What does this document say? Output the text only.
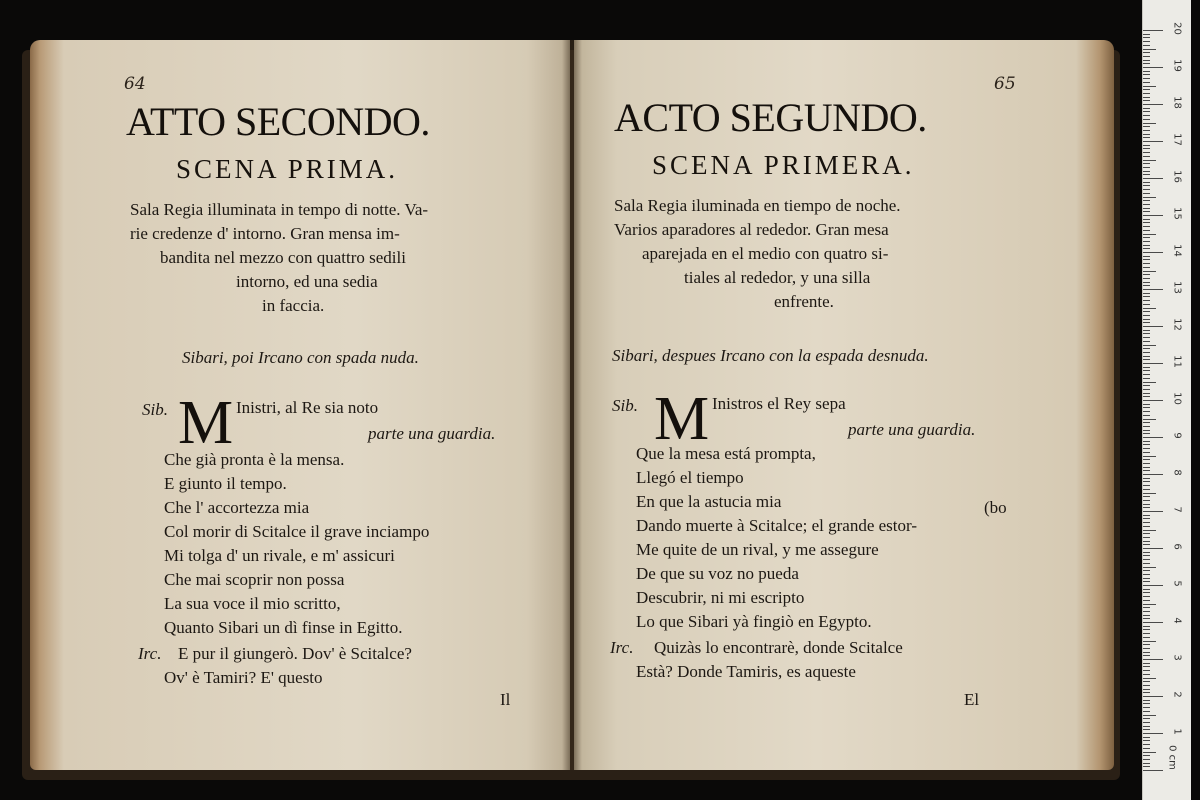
64
ATTO SECONDO.
SCENA PRIMA.
Sala Regia illuminata in tempo di notte. Va-
rie credenze d' intorno. Gran mensa im-
bandita nel mezzo con quattro sedili
intorno, ed una sedia
in faccia.
Sibari, poi Ircano con spada nuda.
Sib. M Inistri, al Re sia noto
parte una guardia.
Che già pronta è la mensa.
E giunto il tempo.
Che l' accortezza mia
Col morir di Scitalce il grave inciampo
Mi tolga d' un rivale, e m' assicuri
Che mai scoprir non possa
La sua voce il mio scritto,
Quanto Sibari un dì finse in Egitto.
Irc. E pur il giungerò. Dov' è Scitalce?
Ov' è Tamiri? E' questo
Il
65
ACTO SEGUNDO.
SCENA PRIMERA.
Sala Regia iluminada en tiempo de noche.
Varios aparadores al rededor. Gran mesa
aparejada en el medio con quatro si-
tiales al rededor, y una silla
enfrente.
Sibari, despues Ircano con la espada desnuda.
Sib. M Inistros el Rey sepa
parte una guardia.
Que la mesa está prompta,
Llegó el tiempo
En que la astucia mia	(bo
Dando muerte à Scitalce; el grande estor-
Me quite de un rival, y me assegure
De que su voz no pueda
Descubrir, ni mi escripto
Lo que Sibari yà fingiò en Egypto.
Irc. Quizàs lo encontrarè, donde Scitalce
Està? Donde Tamiris, es aqueste
El
0 cm
1
2
3
4
5
6
7
8
9
10
11
12
13
14
15
16
17
18
19
20
